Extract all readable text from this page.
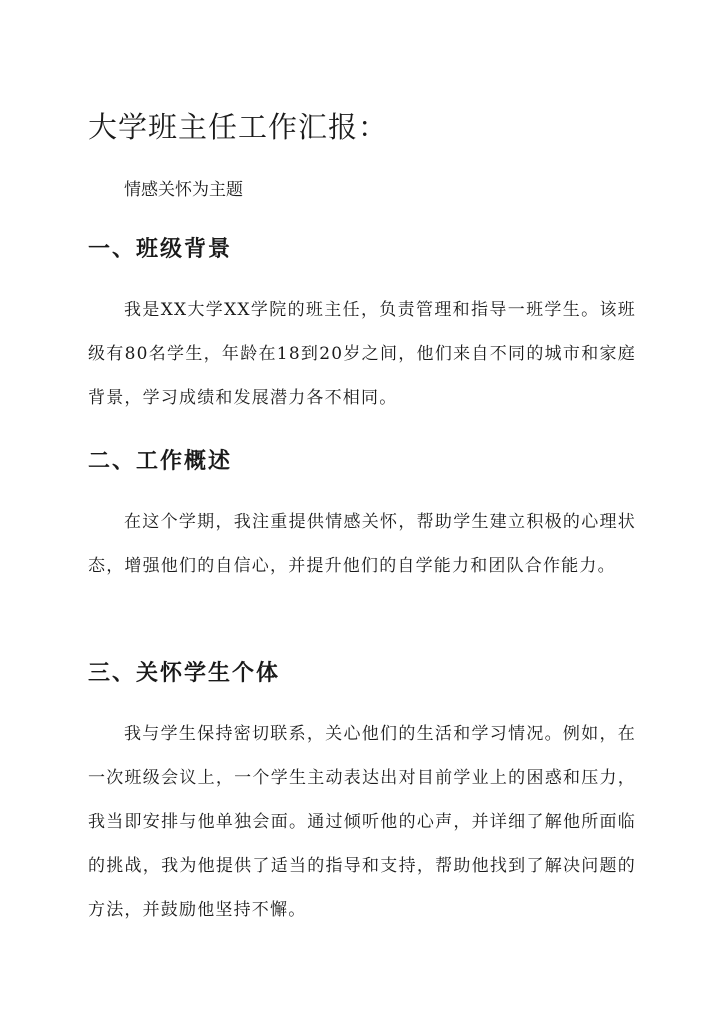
大学班主任工作汇报：
情感关怀为主题
一、班级背景
我是XX大学XX学院的班主任，负责管理和指导一班学生。该班级有80名学生，年龄在18到20岁之间，他们来自不同的城市和家庭背景，学习成绩和发展潜力各不相同。
二、工作概述
在这个学期，我注重提供情感关怀，帮助学生建立积极的心理状态，增强他们的自信心，并提升他们的自学能力和团队合作能力。
三、关怀学生个体
我与学生保持密切联系，关心他们的生活和学习情况。例如，在一次班级会议上，一个学生主动表达出对目前学业上的困惑和压力，我当即安排与他单独会面。通过倾听他的心声，并详细了解他所面临的挑战，我为他提供了适当的指导和支持，帮助他找到了解决问题的方法，并鼓励他坚持不懈。
